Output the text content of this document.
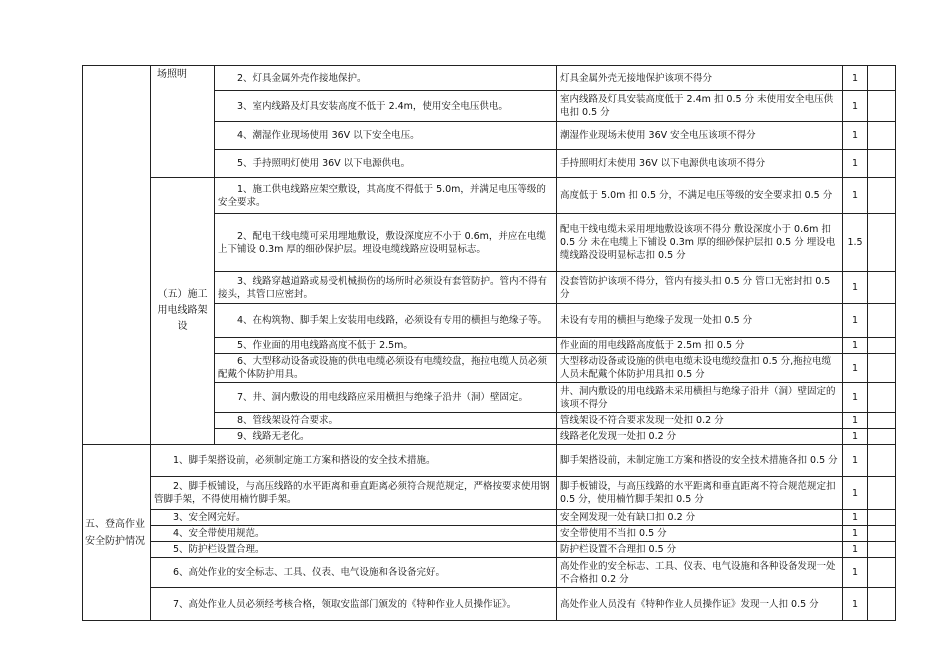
	场照明	2、灯具金属外壳作接地保护。	灯具金属外壳无接地保护该项不得分	1	
		3、室内线路及灯具安装高度不低于 2.4m，使用安全电压供电。	室内线路及灯具安装高度低于 2.4m 扣 0.5 分 未使用安全电压供电扣 0.5 分	1	
		4、潮湿作业现场使用 36V 以下安全电压。	潮湿作业现场未使用 36V 安全电压该项不得分	1	
		5、手持照明灯使用 36V 以下电源供电。	手持照明灯未使用 36V 以下电源供电该项不得分	1	
	（五）施工用电线路架设	1、施工供电线路应架空敷设，其高度不得低于 5.0m，并满足电压等级的安全要求。	高度低于 5.0m 扣 0.5 分，不满足电压等级的安全要求扣 0.5 分	1	
		2、配电干线电缆可采用埋地敷设，敷设深度应不小于 0.6m，并应在电缆上下铺设 0.3m 厚的细砂保护层。埋设电缆线路应设明显标志。	配电干线电缆未采用埋地敷设该项不得分 敷设深度小于 0.6m 扣 0.5 分 未在电缆上下铺设 0.3m 厚的细砂保护层扣 0.5 分 埋设电缆线路没设明显标志扣 0.5 分	1.5	
		3、线路穿越道路或易受机械损伤的场所时必须设有套管防护。管内不得有接头，其管口应密封。	没套管防护该项不得分，管内有接头扣 0.5 分 管口无密封扣 0.5 分	1	
		4、在构筑物、脚手架上安装用电线路，必须设有专用的横担与绝缘子等。	未设有专用的横担与绝缘子发现一处扣 0.5 分	1	
		5、作业面的用电线路高度不低于 2.5m。	作业面的用电线路高度低于 2.5m 扣 0.5 分	1	
		6、大型移动设备或设施的供电电缆必须设有电缆绞盘，拖拉电缆人员必须配戴个体防护用具。	大型移动设备或设施的供电电缆未设电缆绞盘扣 0.5 分,拖拉电缆人员未配戴个体防护用具扣 0.5 分	1	
		7、井、洞内敷设的用电线路应采用横担与绝缘子沿井（洞）壁固定。	井、洞内敷设的用电线路未采用横担与绝缘子沿井（洞）壁固定的该项不得分	1	
		8、管线架设符合要求。	管线架设不符合要求发现一处扣 0.2 分	1	
		9、线路无老化。	线路老化发现一处扣 0.2 分	1	
五、登高作业安全防护情况	1、脚手架搭设前，必须制定施工方案和搭设的安全技术措施。		脚手架搭设前，未制定施工方案和搭设的安全技术措施各扣 0.5 分	1	
	2、脚手板铺设，与高压线路的水平距离和垂直距离必须符合规范规定，严格按要求使用钢管脚手架，不得使用楠竹脚手架。		脚手板铺设，与高压线路的水平距离和垂直距离不符合规范规定扣 0.5 分，使用楠竹脚手架扣 0.5 分	1	
	3、安全网完好。		安全网发现一处有缺口扣 0.2 分	1	
	4、安全带使用规范。		安全带使用不当扣 0.5 分	1	
	5、防护栏设置合理。		防护栏设置不合理扣 0.5 分	1	
	6、高处作业的安全标志、工具、仪表、电气设施和各设备完好。		高处作业的安全标志、工具、仪表、电气设施和各种设备发现一处不合格扣 0.2 分	1	
	7、高处作业人员必须经考核合格，领取安监部门颁发的《特种作业人员操作证》。		高处作业人员没有《特种作业人员操作证》发现一人扣 0.5 分	1	
